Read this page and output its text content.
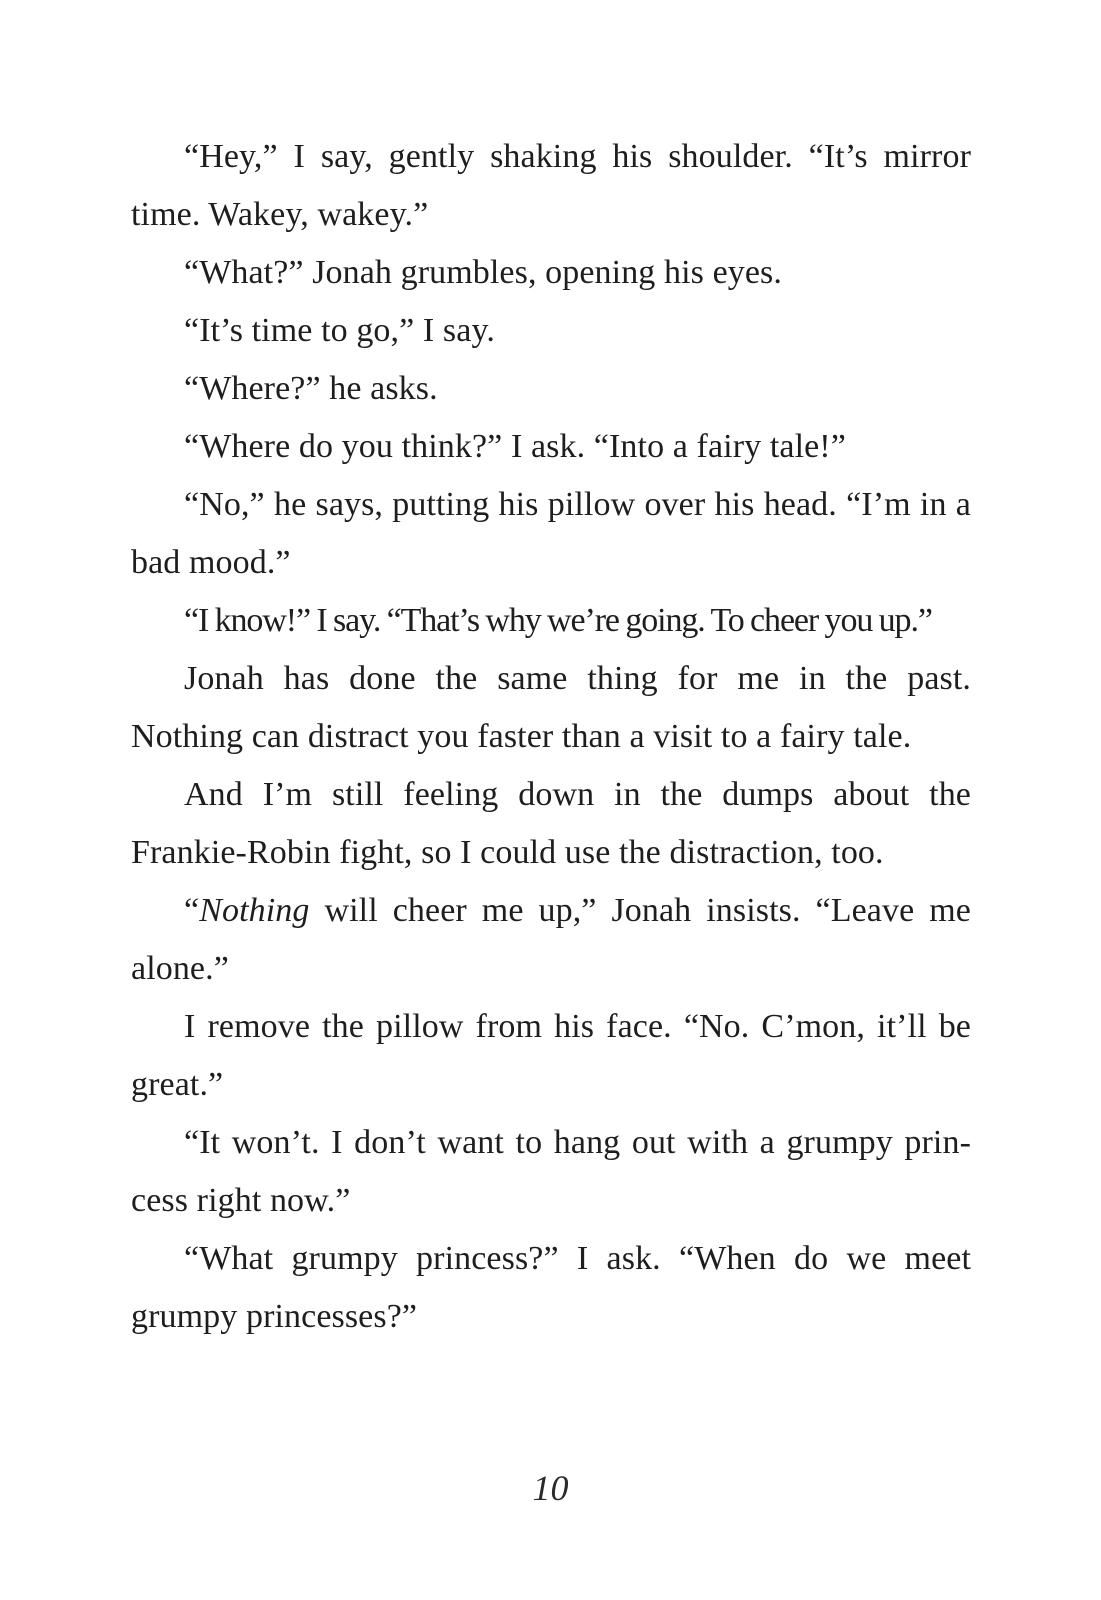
“Hey,” I say, gently shaking his shoulder. “It’s mirror time. Wakey, wakey.”

“What?” Jonah grumbles, opening his eyes.

“It’s time to go,” I say.

“Where?” he asks.

“Where do you think?” I ask. “Into a fairy tale!”

“No,” he says, putting his pillow over his head. “I’m in a bad mood.”

“I know!” I say. “That’s why we’re going. To cheer you up.”

Jonah has done the same thing for me in the past. Nothing can distract you faster than a visit to a fairy tale.

And I’m still feeling down in the dumps about the Frankie-Robin fight, so I could use the distraction, too.

“Nothing will cheer me up,” Jonah insists. “Leave me alone.”

I remove the pillow from his face. “No. C’mon, it’ll be great.”

“It won’t. I don’t want to hang out with a grumpy prin-cess right now.”

“What grumpy princess?” I ask. “When do we meet grumpy princesses?”

10
